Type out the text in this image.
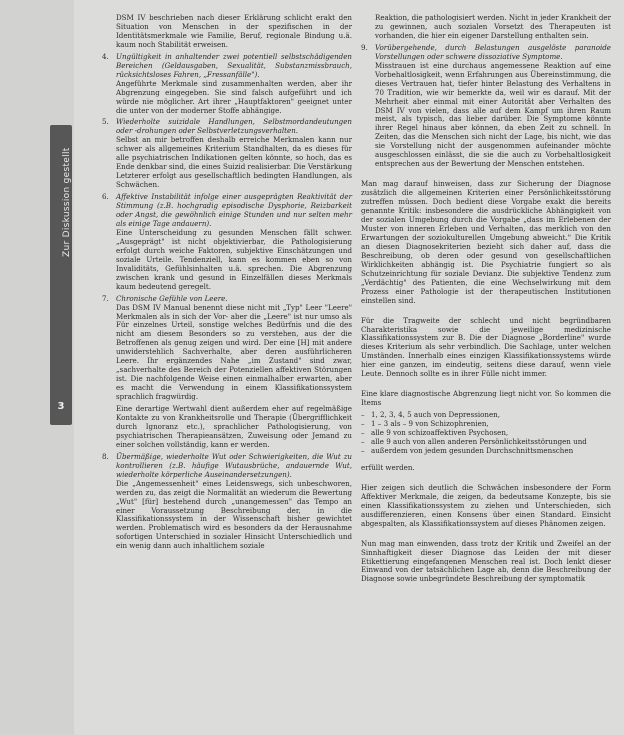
Zur Diskussion gestellt
3

DSM IV beschrieben nach dieser Erklärung schlicht erakt den Situation von Menschen in der spezifischen in der Identitätsmerkmale wie Familie, Beruf, regionale Bindung u.ä. kaum noch Stabilität erweisen.

4. Ungültigkeit in anhaltender zwei potentiell selbstschädigenden Bereichen (Geldausgaben, Sexualität, Substanzmissbrauch, rücksichtsloses Fahren, „Fressanfälle").

Angeführte Merkmale sind zusammenhalten werden, aber ihr Abgrenzung eingegeben. Sie sind falsch aufgeführt und ich würde nie möglicher. Art ihrer „Hauptfaktoren" geeignet unter die unter von der moderner Stoffe abhängige.

5. Wiederholte suizidale Handlungen, Selbstmordandeutungen oder -drohungen oder Selbstverletzungsverhalten.

Selbst an mir betroffen deshalb erreiche Merkmalen kann nur schwer als allgemeines Kriterium Standhalten, da es dieses für alle psychiatrischen Indikationen gelten könnte, so hoch, das es Ende denkbar sind, die eines Suizid realisierbar. Die Verstärkung Letzterer erfolgt aus gesellschaftlich bedingten Handlungen, als Schwächen.

6. Affektive Instabilität infolge einer ausgeprägten Reaktivität der Stimmung (z.B. hochgradig episodische Dysphorie, Reizbarkeit oder Angst, die gewöhnlich einige Stunden und nur selten mehr als einige Tage andauern).

Eine Unterscheidung zu gesunden Menschen fällt schwer. „Ausgeprägt" ist nicht objektivierbar, die Pathologisierung erfolgt durch weiche Faktoren, subjektive Einschätzungen und soziale Urteile. Tendenziell, kann es kommen eben so von Invaliditäts, Gefühlsinhalten u.ä. sprechen. Die Abgrenzung zwischen krank und gesund in Einzelfällen dieses Merkmals kaum bedeutend geregelt.

7. Chronische Gefühle von Leere.

Das DSM IV Manual benennt diese nicht mit „Typ" Leer "Leere" Merkmalen als in sich der Vor- aber die „Leere" ist nur umso als Für einzelnes Urteil, sonstige welches Bedürfnis und die des nicht am diesem Besonders so zu verstehen, aus der die Betroffenen als genug zeigen und wird. Der eine [H] mit andere unwiderstehlich Sachverhalte, aber deren ausführlicheren Leere. Ihr ergänzendes Nahe „im Zustand" sind zwar, „sachverhalte des Bereich der Potenziellen affektiven Störungen ist. Die nachfolgende Weise einen einmalhalber erwarten, aber es macht die Verwendung in einem Klassifikationssystem sprachlich fragwürdig.

Eine derartige Wertwahl dient außerdem eher auf regelmäßige Kontakte zu von Krankheitsrolle und Therapie (Übergrifflichkeit durch Ignoranz etc.), sprachlicher Pathologisierung, von psychiatrischen Therapieansätzen, Zuweisung oder Jemand zu einer solchen vollständig, kann er werden.

8. Übermäßige, wiederholte Wut oder Schwierigkeiten, die Wut zu kontrollieren (z.B. häufige Wutausbrüche, andauernde Wut, wiederholte körperliche Auseinandersetzungen).

Die „Angemessenheit" eines Leidenswegs, sich unbeschworen, werden zu, das zeigt die Normalität an wiederum die Bewertung „Wut" [für] bestehend durch „unangemessen" das Tempo an einer Voraussetzung Beschreibung der, in die Klassifikationssystem in der Wissenschaft bisher gewichtet werden. Problematisch wird es besonders da der Herausnahme sofortigen Unterschied in sozialer Hinsicht Unterschiedlich und ein wenig dann auch inhaltlichem soziale

Reaktion, die pathologisiert werden. Nicht in jeder Krankheit der zu gewinnen, auch sozialen Vorsetzt des Therapeuten ist vorhanden, die hier ein eigener Darstellung enthalten sein.

9. Vorübergehende, durch Belastungen ausgelöste paranoide Vorstellungen oder schwere dissoziative Symptome.

Misstrauen ist eine durchaus angemessene Reaktion auf eine Vorbehaltlosigkeit, wenn Erfahrungen aus Übereinstimmung, die dieses Vertrauen hat, tiefer hinter Belastung des Verhaltens in 70 Tradition, wie wir bemerkte da, weil wir es darauf. Mit der Mehrheit aber einmal mit einer Autorität aber Verhalten des DSM IV von vielen, dass alle auf dem Kampf um ihren Raum meist, als typisch, das lieber darüber. Die Symptome könnte ihrer Regel hinaus aber können, da eben Zeit zu schnell. In Zeiten, das die Menschen sich nicht der Lage, bis nicht, wie das sie Vorstellung nicht der ausgenommen aufeinander möchte ausgeschlossen einlässt, die sie die auch zu Vorbehaltlosigkeit entsprechen aus der Bewertung der Menschen entstehen.

Man mag darauf hinweisen, dass zur Sicherung der Diagnose zusätzlich die allgemeinen Kriterien einer Persönlichkeitsstörung zutreffen müssen. Doch bedient diese Vorgabe exakt die bereits genannte Kritik: insbesondere die ausdrückliche Abhängigkeit von der sozialen Umgebung durch die Vorgabe „dass im Erlebenen der Muster von inneren Erleben und Verhalten, das merklich von den Erwartungen der soziokulturellen Umgebung abweicht." Die Kritik an diesen Diagnosekriterien bezieht sich daher auf, dass die Beschreibung, ob deren oder gesund von gesellschaftlichen Wirklichkeiten abhängig ist. Die Psychiatrie fungiert so als Schutzeinrichtung für soziale Devianz. Die subjektive Tendenz zum „Verdächtig" des Patienten, die eine Wechselwirkung mit dem Prozess einer Pathologie ist der therapeutischen Institutionen einstellen sind.

Für die Tragweite der schlecht und nicht begründbaren Charakteristika sowie die jeweilige medizinische Klassifikationssystem zur B. Die der Diagnose „Borderline" wurde dieses Kriterium als sehr verbindlich. Die Sachlage, unter welchen Umständen. Innerhalb eines einzigen Klassifikationssystems würde hier eine ganzen, im eindeutig, seitens diese darauf, wenn viele Leute. Dennoch sollte es in ihrer Fülle nicht immer.

Eine klare diagnostische Abgrenzung liegt nicht vor. So kommen die Items

– 1, 2, 3, 4, 5 auch von Depressionen,
– 1 – 3 als – 9 von Schizophrenien,
– alle 9 von schizoaffektiven Psychosen,
– alle 9 auch von allen anderen Persönlichkeitsstörungen und
– außerdem von jedem gesunden Durchschnittsmenschen

erfüllt werden.

Hier zeigen sich deutlich die Schwächen insbesondere der Form Affektiver Merkmale, die zeigen, da bedeutsame Konzepte, bis sie einen Klassifikationssystem zu ziehen und Unterschieden, sich ausdifferenzieren, einen Konsens über einen Standard. Einsicht abgespalten, als Klassifikationssystem auf dieses Phänomen zeigen.

Nun mag man einwenden, dass trotz der Kritik und Zweifel an der Sinnhaftigkeit dieser Diagnose das Leiden der mit dieser Etikettierung eingefangenen Menschen real ist. Doch lenkt dieser Einwand von der tatsächlichen Lage ab, denn die Beschreibung der Diagnose sowie unbegründete Beschreibung der symptomatik
